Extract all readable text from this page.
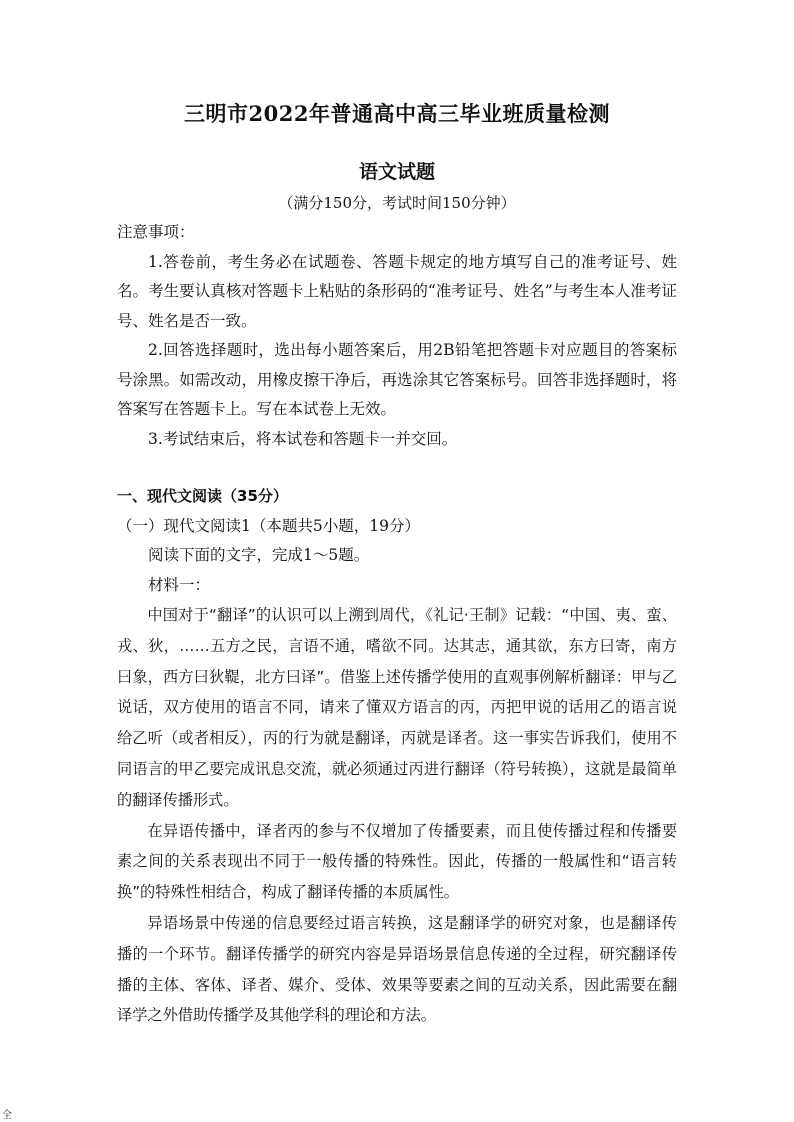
三明市2022年普通高中高三毕业班质量检测
语文试题

（满分150分，考试时间150分钟）

注意事项：

1.答卷前，考生务必在试题卷、答题卡规定的地方填写自己的准考证号、姓名。考生要认真核对答题卡上粘贴的条形码的“准考证号、姓名”与考生本人准考证号、姓名是否一致。

2.回答选择题时，选出每小题答案后，用2B铅笔把答题卡对应题目的答案标号涂黑。如需改动，用橡皮擦干净后，再选涂其它答案标号。回答非选择题时，将答案写在答题卡上。写在本试卷上无效。

3.考试结束后，将本试卷和答题卡一并交回。

一、现代文阅读（35分）

（一）现代文阅读1（本题共5小题，19分）

阅读下面的文字，完成1～5题。

材料一：

中国对于“翻译”的认识可以上溯到周代，《礼记·王制》记载：“中国、夷、蛮、戎、狄，……五方之民，言语不通，嗜欲不同。达其志，通其欲，东方曰寄，南方曰象，西方曰狄鞮，北方曰译”。借鉴上述传播学使用的直观事例解析翻译：甲与乙说话，双方使用的语言不同，请来了懂双方语言的丙，丙把甲说的话用乙的语言说给乙听（或者相反），丙的行为就是翻译，丙就是译者。这一事实告诉我们，使用不同语言的甲乙要完成讯息交流，就必须通过丙进行翻译（符号转换），这就是最简单的翻译传播形式。

在异语传播中，译者丙的参与不仅增加了传播要素，而且使传播过程和传播要素之间的关系表现出不同于一般传播的特殊性。因此，传播的一般属性和“语言转换”的特殊性相结合，构成了翻译传播的本质属性。

异语场景中传递的信息要经过语言转换，这是翻译学的研究对象，也是翻译传播的一个环节。翻译传播学的研究内容是异语场景信息传递的全过程，研究翻译传播的主体、客体、译者、媒介、受体、效果等要素之间的互动关系，因此需要在翻译学之外借助传播学及其他学科的理论和方法。

全
